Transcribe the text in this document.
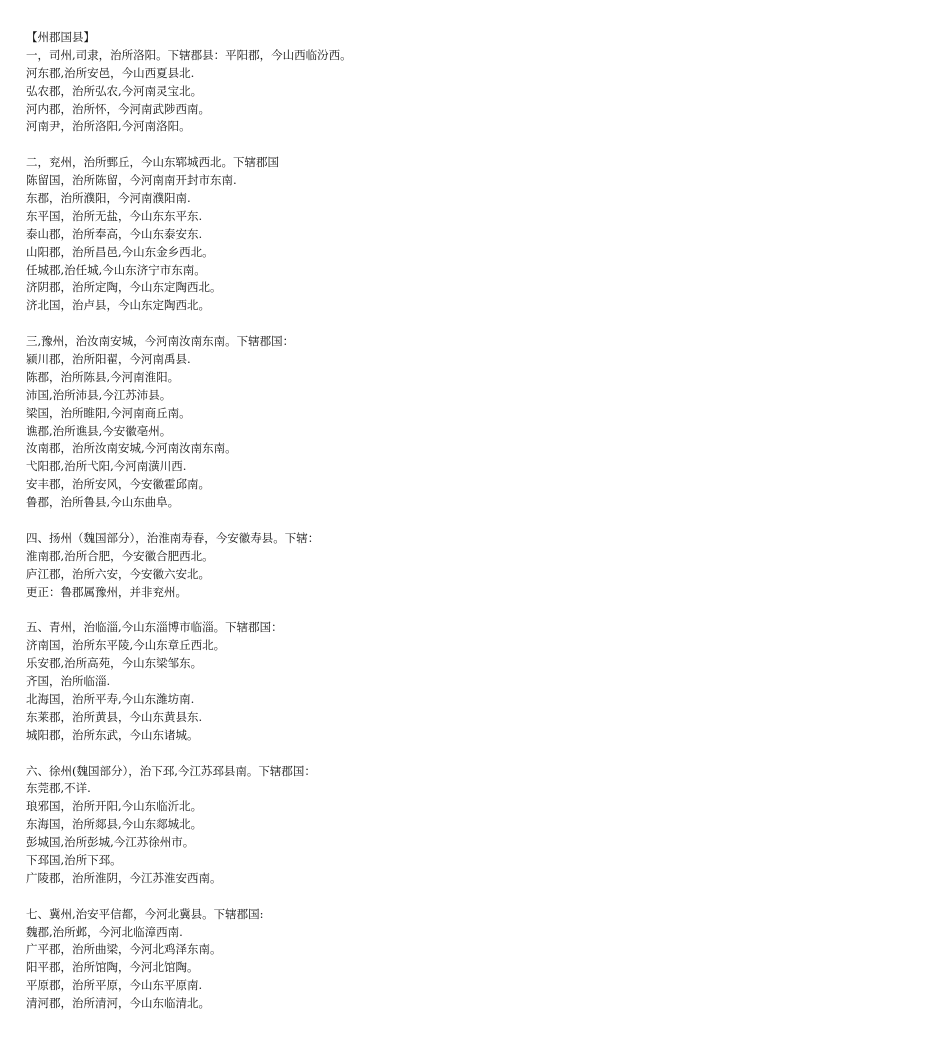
【州郡国县】
一，司州,司隶，治所洛阳。下辖郡县：平阳郡，今山西临汾西。
河东郡,治所安邑，今山西夏县北.
弘农郡，治所弘农,今河南灵宝北。
河内郡，治所怀，今河南武陟西南。
河南尹，治所洛阳,今河南洛阳。
二，兖州，治所鄄丘，今山东郓城西北。下辖郡国
陈留国，治所陈留，今河南南开封市东南.
东郡，治所濮阳，今河南濮阳南.
东平国，治所无盐，今山东东平东.
泰山郡，治所奉高，今山东泰安东.
山阳郡，治所昌邑,今山东金乡西北。
任城郡,治任城,今山东济宁市东南。
济阴郡，治所定陶，今山东定陶西北。
济北国，治卢县，今山东定陶西北。
三,豫州，治汝南安城，今河南汝南东南。下辖郡国：
颍川郡，治所阳翟，今河南禹县.
陈郡，治所陈县,今河南淮阳。
沛国,治所沛县,今江苏沛县。
梁国，治所睢阳,今河南商丘南。
谯郡,治所谯县,今安徽亳州。
汝南郡，治所汝南安城,今河南汝南东南。
弋阳郡,治所弋阳,今河南潢川西.
安丰郡，治所安风，今安徽霍邱南。
鲁郡，治所鲁县,今山东曲阜。
四、扬州（魏国部分），治淮南寿春，今安徽寿县。下辖：
淮南郡,治所合肥，今安徽合肥西北。
庐江郡，治所六安，今安徽六安北。
更正：鲁郡属豫州，并非兖州。
五、青州，治临淄,今山东淄博市临淄。下辖郡国：
济南国，治所东平陵,今山东章丘西北。
乐安郡,治所高苑，今山东梁邹东。
齐国，治所临淄.
北海国，治所平寿,今山东潍坊南.
东莱郡，治所黄县，今山东黄县东.
城阳郡，治所东武，今山东诸城。
六、徐州(魏国部分），治下邳,今江苏邳县南。下辖郡国：
东莞郡,不详.
琅邪国，治所开阳,今山东临沂北。
东海国，治所郯县,今山东郯城北。
彭城国,治所彭城,今江苏徐州市。
下邳国,治所下邳。
广陵郡，治所淮阴，今江苏淮安西南。
七、冀州,治安平信都，今河北冀县。下辖郡国:
魏郡,治所邺，今河北临漳西南.
广平郡，治所曲梁，今河北鸡泽东南。
阳平郡，治所馆陶，今河北馆陶。
平原郡，治所平原，今山东平原南.
清河郡，治所清河，今山东临清北。
